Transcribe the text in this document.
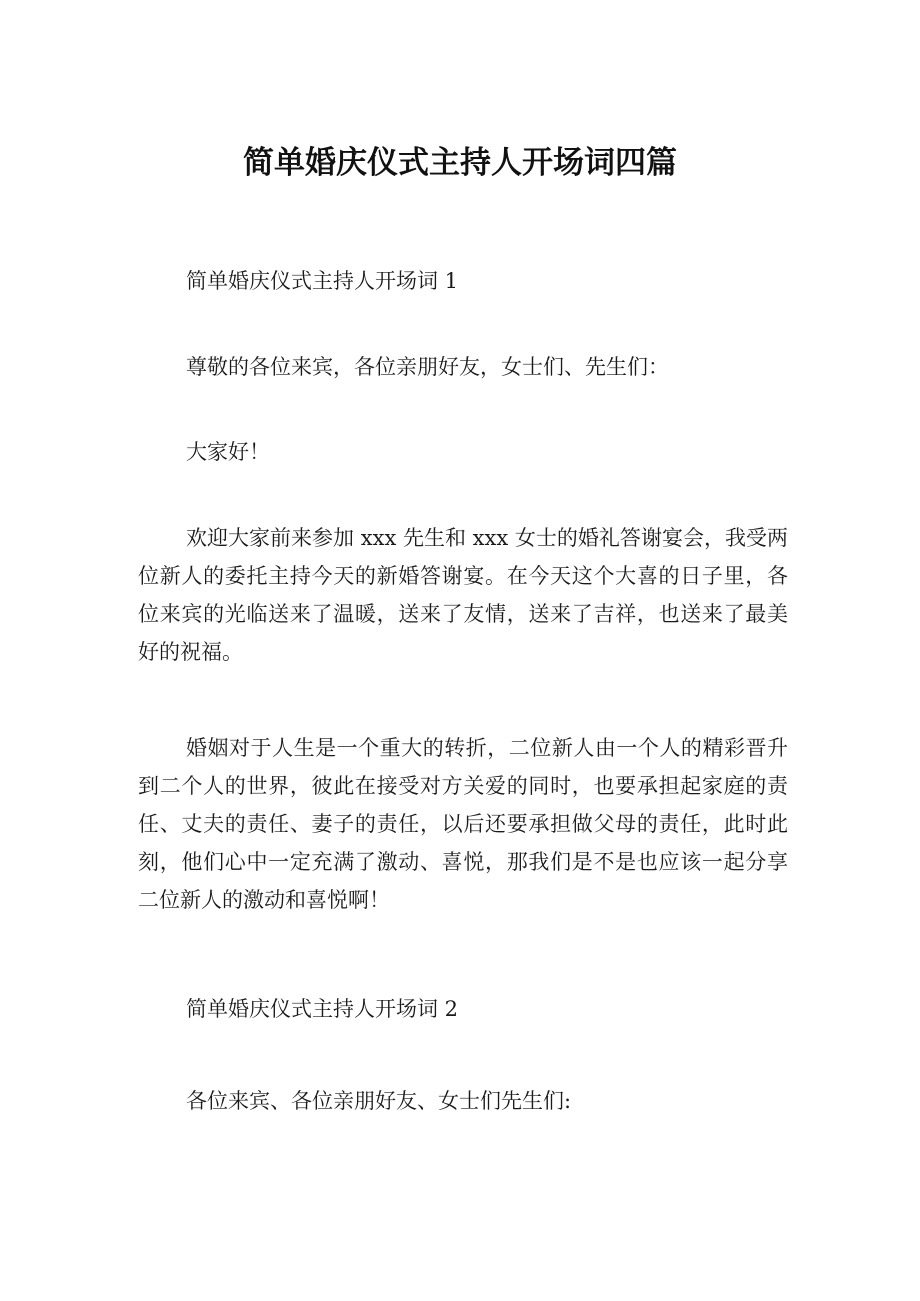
简单婚庆仪式主持人开场词四篇

简单婚庆仪式主持人开场词 1

尊敬的各位来宾，各位亲朋好友，女士们、先生们：

大家好！

欢迎大家前来参加 xxx 先生和 xxx 女士的婚礼答谢宴会，我受两位新人的委托主持今天的新婚答谢宴。在今天这个大喜的日子里，各位来宾的光临送来了温暖，送来了友情，送来了吉祥，也送来了最美好的祝福。

婚姻对于人生是一个重大的转折，二位新人由一个人的精彩晋升到二个人的世界，彼此在接受对方关爱的同时，也要承担起家庭的责任、丈夫的责任、妻子的责任，以后还要承担做父母的责任，此时此刻，他们心中一定充满了激动、喜悦，那我们是不是也应该一起分享二位新人的激动和喜悦啊！

简单婚庆仪式主持人开场词 2

各位来宾、各位亲朋好友、女士们先生们:
